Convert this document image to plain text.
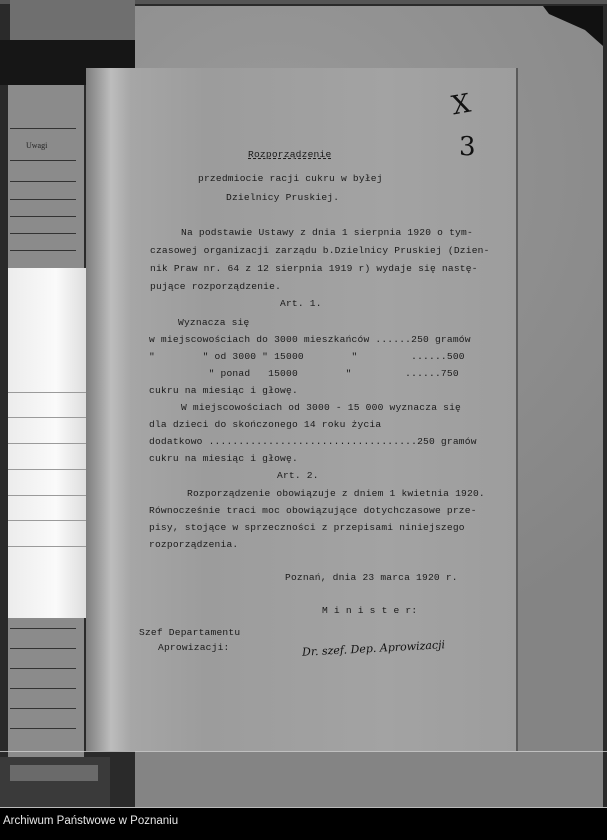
Uwagi
X
3
Rozporządzenie
przedmiocie racji cukru w byłej
Dzielnicy Pruskiej.
Na podstawie Ustawy z dnia 1 sierpnia 1920 o tym-
czasowej organizacji zarządu b.Dzielnicy Pruskiej (Dzien-
nik Praw nr. 64 z 12 sierpnia 1919 r) wydaje się nastę-
pujące rozporządzenie.
Art. 1.
Wyznacza się
w miejscowościach do 3000 mieszkańców ......250 gramów
"        " od 3000 " 15000        "         ......500
" ponad   15000        "         ......750
cukru na miesiąc i głowę.
W miejscowościach od 3000 - 15 000 wyznacza się
dla dzieci do skończonego 14 roku życia
dodatkowo ...................................250 gramów
cukru na miesiąc i głowę.
Art. 2.
Rozporządzenie obowiązuje z dniem 1 kwietnia 1920.
Równocześnie traci moc obowiązujące dotychczasowe prze-
pisy, stojące w sprzeczności z przepisami niniejszego
rozporządzenia.
Poznań, dnia 23 marca 1920 r.
M i n i s t e r:
Szef Departamentu
Aprowizacji:	Dr. szef. Dep. Aprowizacji
Archiwum Państwowe w Poznaniu
